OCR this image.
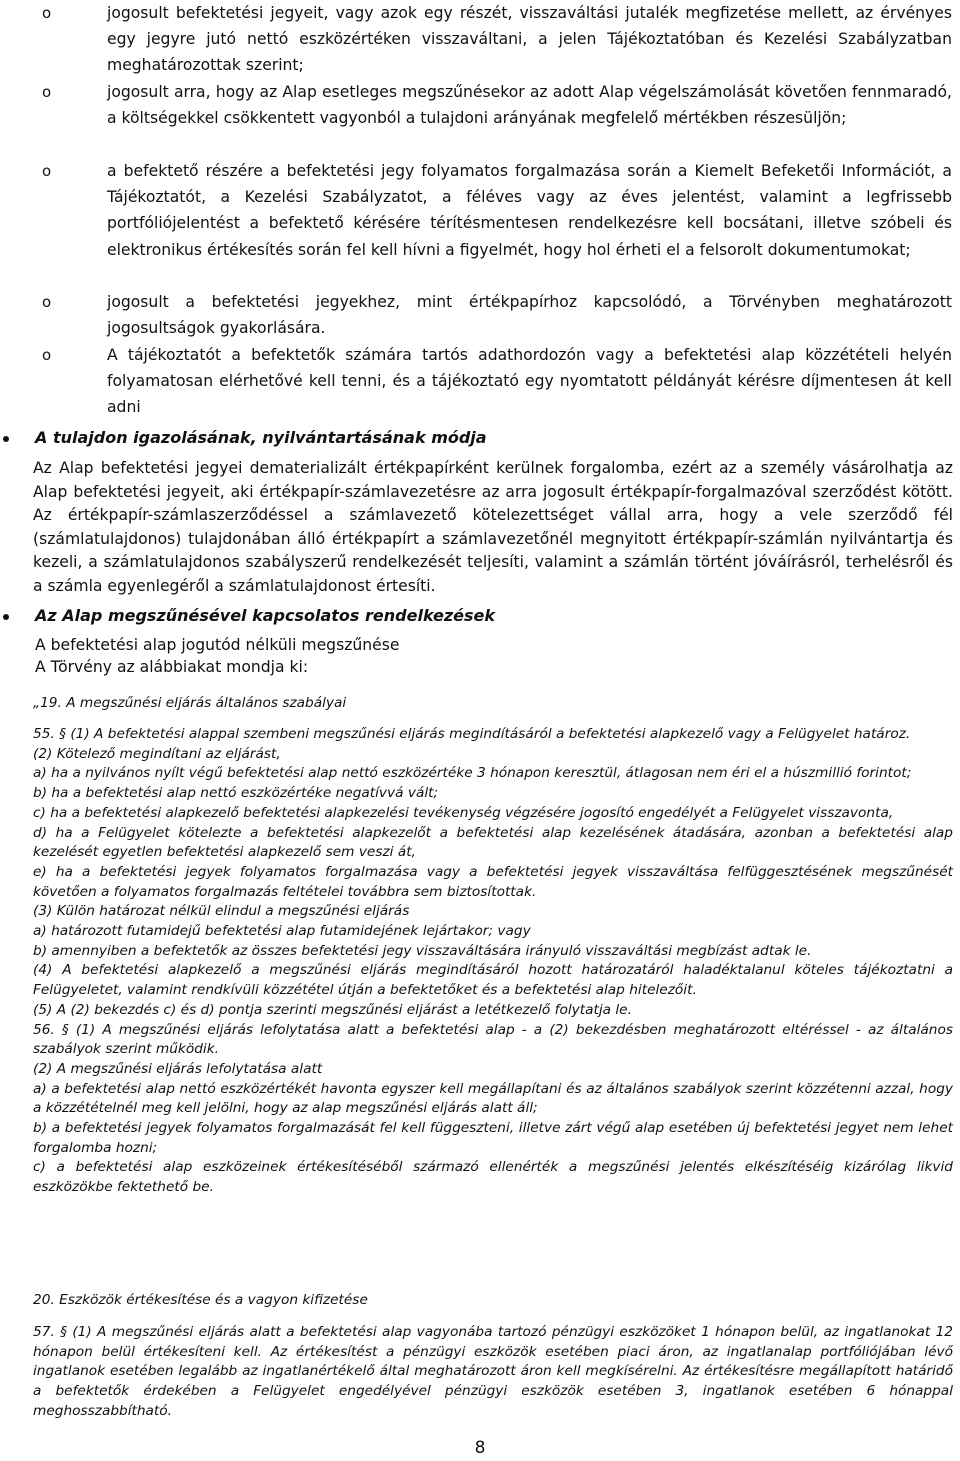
o	jogosult befektetési jegyeit, vagy azok egy részét, visszaváltási jutalék megfizetése mellett, az érvényes egy jegyre jutó nettó eszközértéken visszaváltani, a jelen Tájékoztatóban és Kezelési Szabályzatban meghatározottak szerint;
o	jogosult arra, hogy az Alap esetleges megszűnésekor az adott Alap végelszámolását követően fennmaradó, a költségekkel csökkentett vagyonból a tulajdoni arányának megfelelő mértékben részesüljön;
o	a befektető részére a befektetési jegy folyamatos forgalmazása során a Kiemelt Befeketői Információt, a Tájékoztatót, a Kezelési Szabályzatot, a féléves vagy az éves jelentést, valamint a legfrissebb portfóliójelentést a befektető kérésére térítésmentesen rendelkezésre kell bocsátani, illetve szóbeli és elektronikus értékesítés során fel kell hívni a figyelmét, hogy hol érheti el a felsorolt dokumentumokat;
o	jogosult a befektetési jegyekhez, mint értékpapírhoz kapcsolódó, a Törvényben meghatározott jogosultságok gyakorlására.
o	A tájékoztatót a befektetők számára tartós adathordozón vagy a befektetési alap közzétételi helyén folyamatosan elérhetővé kell tenni, és a tájékoztató egy nyomtatott példányát kérésre díjmentesen át kell adni
A tulajdon igazolásának, nyilvántartásának módja
Az Alap befektetési jegyei dematerializált értékpapírként kerülnek forgalomba, ezért az a személy vásárolhatja az Alap befektetési jegyeit, aki értékpapír-számlavezetésre az arra jogosult értékpapír-forgalmazóval szerződést kötött. Az értékpapír-számlaszerződéssel a számlavezető kötelezettséget vállal arra, hogy a vele szerződő fél (számlatulajdonos) tulajdonában álló értékpapírt a számlavezetőnél megnyitott értékpapír-számlán nyilvántartja és kezeli, a számlatulajdonos szabályszerű rendelkezését teljesíti, valamint a számlán történt jóváírásról, terhelésről és a számla egyenlegéről a számlatulajdonost értesíti.
Az Alap megszűnésével kapcsolatos rendelkezések
A befektetési alap jogutód nélküli megszűnése
A Törvény az alábbiakat mondja ki:
„19. A megszűnési eljárás általános szabályai

55. § (1) A befektetési alappal szembeni megszűnési eljárás megindításáról a befektetési alapkezelő vagy a Felügyelet határoz.

(2) Kötelező megindítani az eljárást,

a) ha a nyilvános nyílt végű befektetési alap nettó eszközértéke 3 hónapon keresztül, átlagosan nem éri el a húszmillió forintot;

b) ha a befektetési alap nettó eszközértéke negatívvá vált;

c) ha a befektetési alapkezelő befektetési alapkezelési tevékenység végzésére jogosító engedélyét a Felügyelet visszavonta,

d) ha a Felügyelet kötelezte a befektetési alapkezelőt a befektetési alap kezelésének átadására, azonban a befektetési alap kezelését egyetlen befektetési alapkezelő sem veszi át,

e) ha a befektetési jegyek folyamatos forgalmazása vagy a befektetési jegyek visszaváltása felfüggesztésének megszűnését követően a folyamatos forgalmazás feltételei továbbra sem biztosítottak.

(3) Külön határozat nélkül elindul a megszűnési eljárás

a) határozott futamidejű befektetési alap futamidejének lejártakor; vagy

b) amennyiben a befektetők az összes befektetési jegy visszaváltására irányuló visszaváltási megbízást adtak le.

(4) A befektetési alapkezelő a megszűnési eljárás megindításáról hozott határozatáról haladéktalanul köteles tájékoztatni a Felügyeletet, valamint rendkívüli közzététel útján a befektetőket és a befektetési alap hitelezőit.

(5) A (2) bekezdés c) és d) pontja szerinti megszűnési eljárást a letétkezelő folytatja le.

56. § (1) A megszűnési eljárás lefolytatása alatt a befektetési alap - a (2) bekezdésben meghatározott eltéréssel - az általános szabályok szerint működik.

(2) A megszűnési eljárás lefolytatása alatt

a) a befektetési alap nettó eszközértékét havonta egyszer kell megállapítani és az általános szabályok szerint közzétenni azzal, hogy a közzétételnél meg kell jelölni, hogy az alap megszűnési eljárás alatt áll;

b) a befektetési jegyek folyamatos forgalmazását fel kell függeszteni, illetve zárt végű alap esetében új befektetési jegyet nem lehet forgalomba hozni;

c) a befektetési alap eszközeinek értékesítéséből származó ellenérték a megszűnési jelentés elkészítéséig kizárólag likvid eszközökbe fektethető be.

20. Eszközök értékesítése és a vagyon kifizetése
57. § (1) A megszűnési eljárás alatt a befektetési alap vagyonába tartozó pénzügyi eszközöket 1 hónapon belül, az ingatlanokat 12 hónapon belül értékesíteni kell. Az értékesítést a pénzügyi eszközök esetében piaci áron, az ingatlanalap portfóliójában lévő ingatlanok esetében legalább az ingatlanértékelő által meghatározott áron kell megkísérelni. Az értékesítésre megállapított határidő a befektetők érdekében a Felügyelet engedélyével pénzügyi eszközök esetében 3, ingatlanok esetében 6 hónappal meghosszabbítható.
8
